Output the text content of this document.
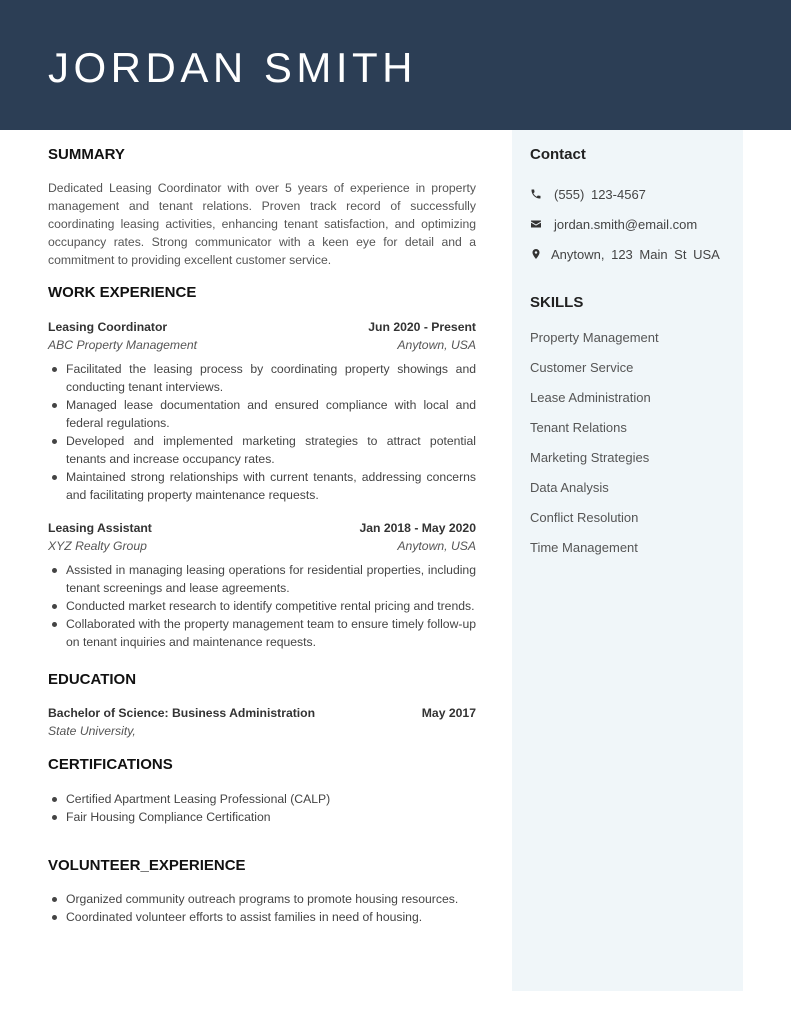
JORDAN SMITH
Contact
(555) 123-4567
jordan.smith@email.com
Anytown, 123 Main St USA
SKILLS
Property Management
Customer Service
Lease Administration
Tenant Relations
Marketing Strategies
Data Analysis
Conflict Resolution
Time Management
SUMMARY

Dedicated Leasing Coordinator with over 5 years of experience in property management and tenant relations. Proven track record of successfully coordinating leasing activities, enhancing tenant satisfaction, and optimizing occupancy rates. Strong communicator with a keen eye for detail and a commitment to providing excellent customer service.

WORK EXPERIENCE
Leasing Coordinator	Jun 2020 - Present
ABC Property Management	Anytown, USA
Facilitated the leasing process by coordinating property showings and conducting tenant interviews.
Managed lease documentation and ensured compliance with local and federal regulations.
Developed and implemented marketing strategies to attract potential tenants and increase occupancy rates.
Maintained strong relationships with current tenants, addressing concerns and facilitating property maintenance requests.
Leasing Assistant	Jan 2018 - May 2020
XYZ Realty Group	Anytown, USA
Assisted in managing leasing operations for residential properties, including tenant screenings and lease agreements.
Conducted market research to identify competitive rental pricing and trends.
Collaborated with the property management team to ensure timely follow-up on tenant inquiries and maintenance requests.
EDUCATION
Bachelor of Science: Business Administration	May 2017
State University,
CERTIFICATIONS
Certified Apartment Leasing Professional (CALP)
Fair Housing Compliance Certification
VOLUNTEER_EXPERIENCE
Organized community outreach programs to promote housing resources.
Coordinated volunteer efforts to assist families in need of housing.
